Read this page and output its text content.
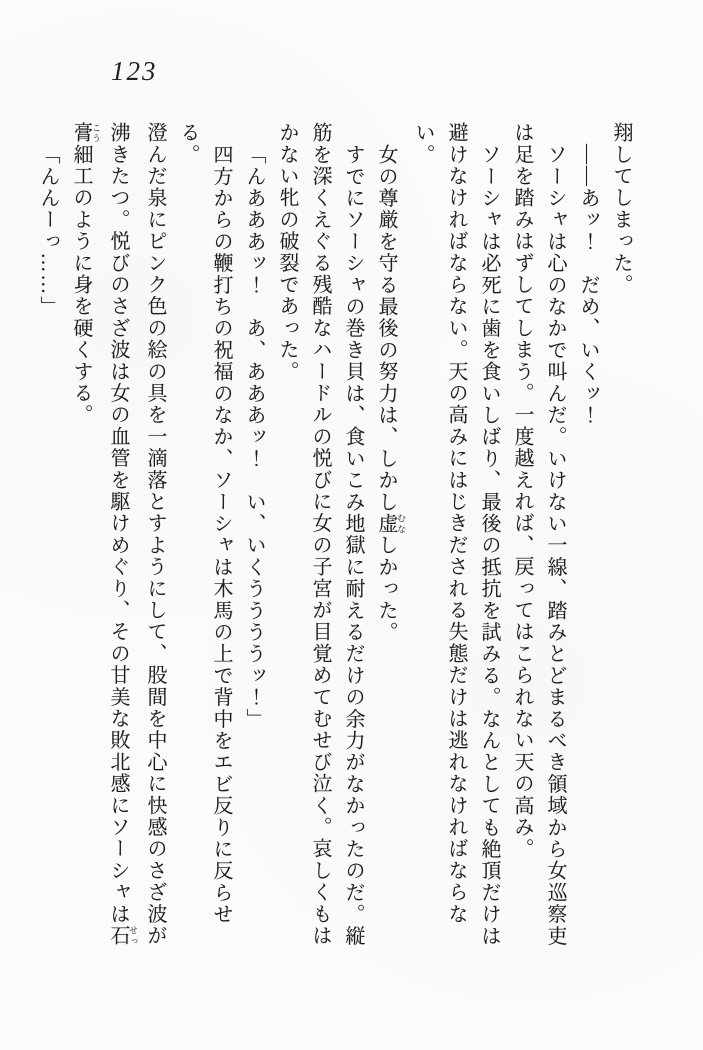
123
翔してしまった。
――あッ！　だめ、いくッ！
ソーシャは心のなかで叫んだ。いけない一線、踏みとどまるべき領域から女巡察吏
は足を踏みはずしてしまう。一度越えれば、戻ってはこられない天の高み。
ソーシャは必死に歯を食いしばり、最後の抵抗を試みる。なんとしても絶頂だけは
避けなければならない。天の高みにはじきだされる失態だけは逃れなければならない。
女の尊厳を守る最後の努力は、しかし虚 むなしかった。
すでにソーシャの巻き貝は、食いこみ地獄に耐えるだけの余力がなかったのだ。縦
筋を深くえぐる残酷なハードルの悦びに女の子宮が目覚めてむせび泣く。哀しくもは
かない牝の破裂であった。
「んあああッ！　あ、あああッ！　い、いくううううッ！」
四方からの鞭打ちの祝福のなか、ソーシャは木馬の上で背中をエビ反りに反らせる。
澄んだ泉にピンク色の絵の具を一滴落とすようにして、股間を中心に快感のさざ波が
沸きたつ。悦びのさざ波は女の血管を駆けめぐり、その甘美な敗北感にソーシャは石 せっ
膏 こう細工のように身を硬くする。
「んんーっ……」
